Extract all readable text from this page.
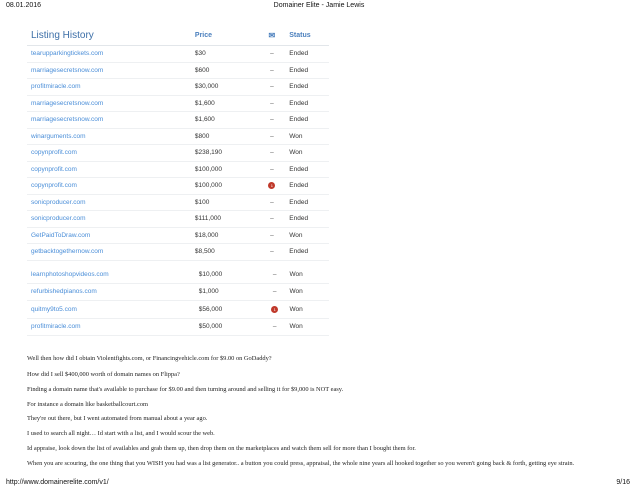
08.01.2016	Domainer Elite - Jamie Lewis
Listing History	Price	✉	Status
tearupparkingtickets.com	$30	–	Ended
marriagesecretsnow.com	$600	–	Ended
profitmiracle.com	$30,000	–	Ended
marriagesecretsnow.com	$1,600	–	Ended
marriagesecretsnow.com	$1,600	–	Ended
winarguments.com	$800	–	Won
copynprofit.com	$238,190	–	Won
copynprofit.com	$100,000	–	Ended
copynprofit.com	$100,000	1	Ended
sonicproducer.com	$100	–	Ended
sonicproducer.com	$111,000	–	Ended
GetPaidToDraw.com	$18,000	–	Won
getbacktogethernow.com	$8,500	–	Ended
learnphotoshopvideos.com	$10,000	–	Won
refurbishedpianos.com	$1,000	–	Won
quitmy9to5.com	$56,000	1	Won
profitmiracle.com	$50,000	–	Won
Well then how did I obtain Violentfights.com, or Financingvehicle.com for $9.00 on GoDaddy?
How did I sell $400,000 worth of domain names on Flippa?
Finding a domain name that's available to purchase for $9.00 and then turning around and selling it for $9,000 is NOT easy.
For instance a domain like basketballcourt.com
They're out there, but I went automated from manual about a year ago.
I used to search all night… Id start with a list, and I would scour the web.
Id appraise, look down the list of availables and grab them up, then drop them on the marketplaces and watch them sell for more than I bought them for.
When you are scouring, the one thing that you WISH you had was a list generator.. a button you could press, appraisal, the whole nine years all hooked together so you weren't going back & forth, getting eye strain.
http://www.domainerelite.com/v1/	9/16
